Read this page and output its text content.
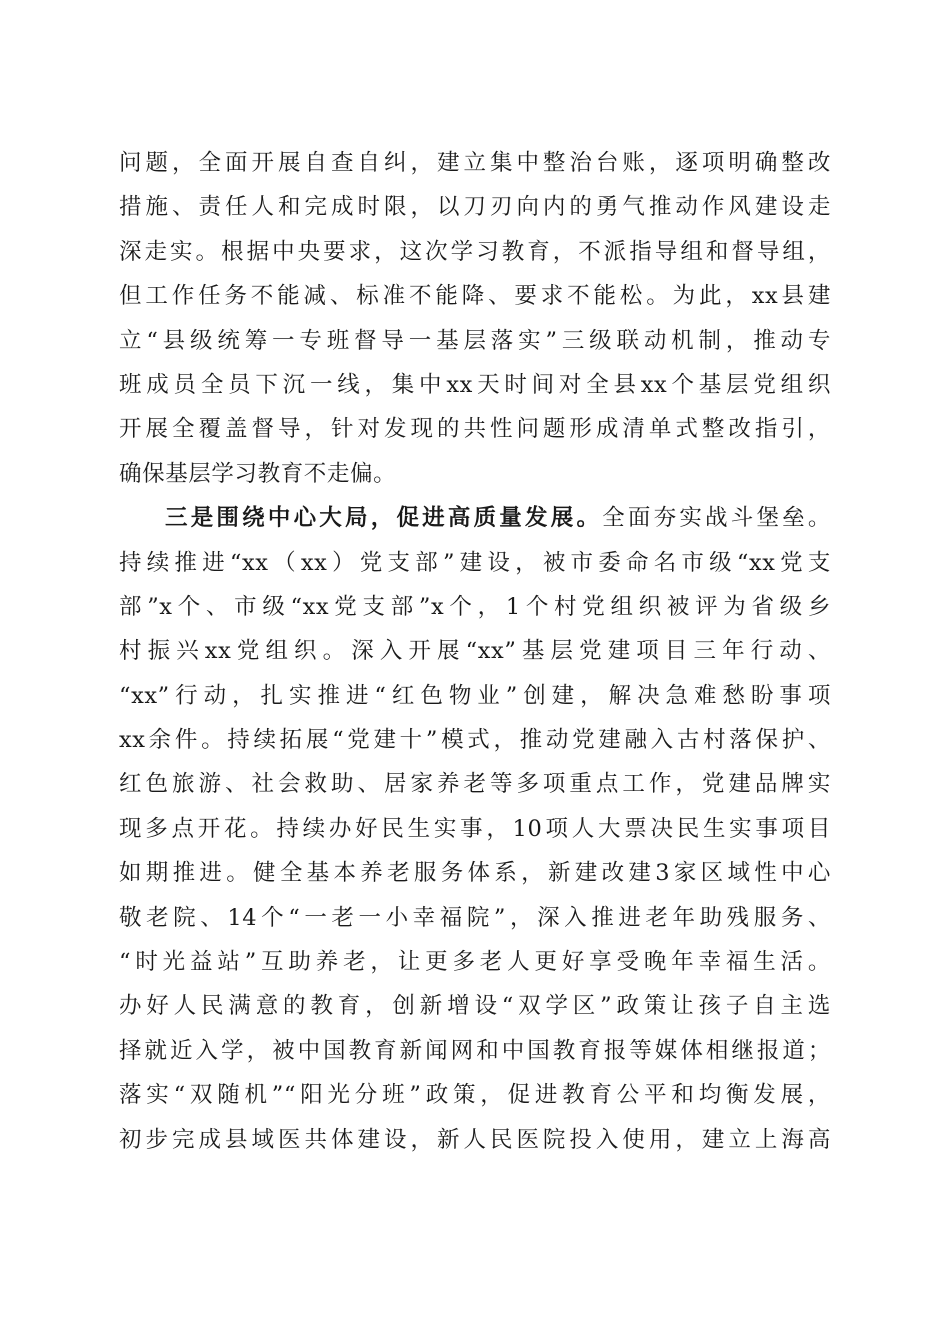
问题，全面开展自查自纠，建立集中整治台账，逐项明确整改
措施、责任人和完成时限，以刀刃向内的勇气推动作风建设走
深走实。根据中央要求，这次学习教育，不派指导组和督导组，
但工作任务不能减、标准不能降、要求不能松。为此，xx县建
立“县级统筹一专班督导一基层落实”三级联动机制，推动专
班成员全员下沉一线，集中xx天时间对全县xx个基层党组织
开展全覆盖督导，针对发现的共性问题形成清单式整改指引，
确保基层学习教育不走偏。
三是围绕中心大局，促进高质量发展。全面夯实战斗堡垒。
持续推进“xx（xx）党支部”建设，被市委命名市级“xx党支
部”x个、市级“xx党支部”x个，1个村党组织被评为省级乡
村振兴xx党组织。深入开展“xx”基层党建项目三年行动、
“xx”行动，扎实推进“红色物业”创建，解决急难愁盼事项
xx余件。持续拓展“党建十”模式，推动党建融入古村落保护、
红色旅游、社会救助、居家养老等多项重点工作，党建品牌实
现多点开花。持续办好民生实事，10项人大票决民生实事项目
如期推进。健全基本养老服务体系，新建改建3家区域性中心
敬老院、14个“一老一小幸福院”，深入推进老年助残服务、
“时光益站”互助养老，让更多老人更好享受晚年幸福生活。
办好人民满意的教育，创新增设“双学区”政策让孩子自主选
择就近入学，被中国教育新闻网和中国教育报等媒体相继报道；
落实“双随机”“阳光分班”政策，促进教育公平和均衡发展，
初步完成县域医共体建设，新人民医院投入使用，建立上海高
